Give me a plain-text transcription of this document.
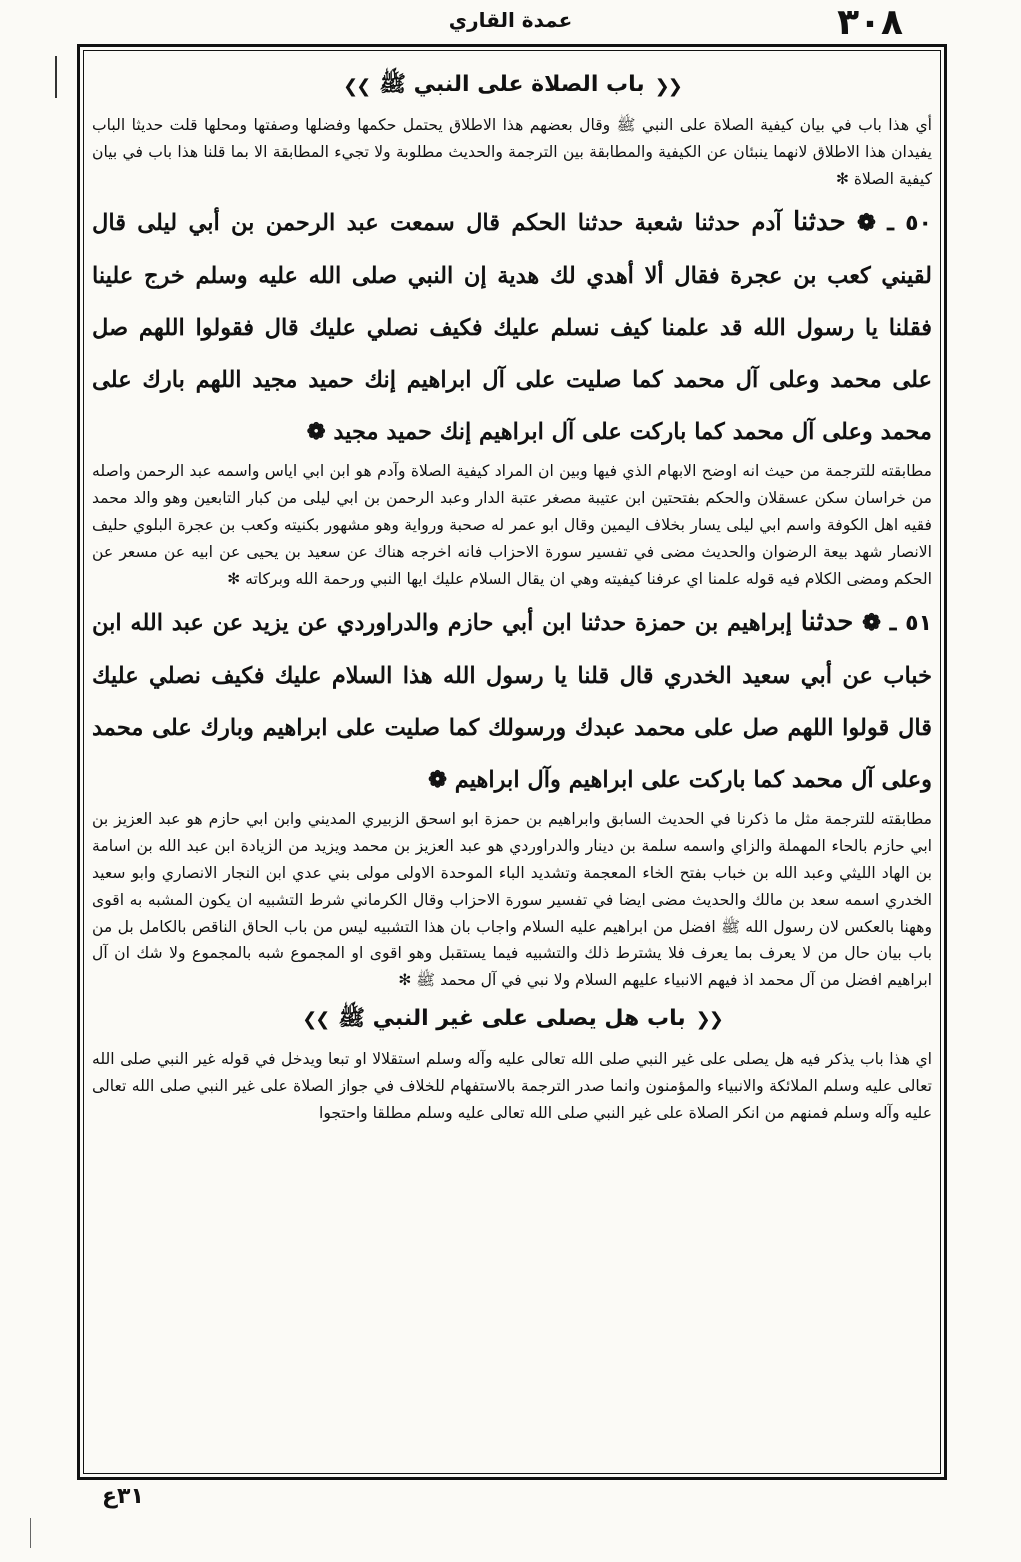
٣٠٨
عمدة القاري
❮❮
باب الصلاة على النبي ﷺ
❯❯

أي هذا باب في بيان كيفية الصلاة على النبي ﷺ وقال بعضهم هذا الاطلاق يحتمل حكمها وفضلها وصفتها ومحلها قلت حديثا الباب يفيدان هذا الاطلاق لانهما ينبئان عن الكيفية والمطابقة بين الترجمة والحديث مطلوبة ولا تجيء المطابقة الا بما قلنا هذا باب في بيان كيفية الصلاة ✻

٥٠ ـ ❁ حدثنا آدم حدثنا شعبة حدثنا الحكم قال سمعت عبد الرحمن بن أبي ليلى قال لقيني كعب بن عجرة فقال ألا أهدي لك هدية إن النبي صلى الله عليه وسلم خرج علينا فقلنا يا رسول الله قد علمنا كيف نسلم عليك فكيف نصلي عليك قال فقولوا اللهم صل على محمد وعلى آل محمد كما صليت على آل ابراهيم إنك حميد مجيد اللهم بارك على محمد وعلى آل محمد كما باركت على آل ابراهيم إنك حميد مجيد ❁

مطابقته للترجمة من حيث انه اوضح الابهام الذي فيها وبين ان المراد كيفية الصلاة وآدم هو ابن ابي اياس واسمه عبد الرحمن واصله من خراسان سكن عسقلان والحكم بفتحتين ابن عتيبة مصغر عتبة الدار وعبد الرحمن بن ابي ليلى من كبار التابعين وهو والد محمد فقيه اهل الكوفة واسم ابي ليلى يسار بخلاف اليمين وقال ابو عمر له صحبة ورواية وهو مشهور بكنيته وكعب بن عجرة البلوي حليف الانصار شهد بيعة الرضوان والحديث مضى في تفسير سورة الاحزاب فانه اخرجه هناك عن سعيد بن يحيى عن ابيه عن مسعر عن الحكم ومضى الكلام فيه قوله علمنا اي عرفنا كيفيته وهي ان يقال السلام عليك ايها النبي ورحمة الله وبركاته ✻

٥١ ـ ❁ حدثنا إبراهيم بن حمزة حدثنا ابن أبي حازم والدراوردي عن يزيد عن عبد الله ابن خباب عن أبي سعيد الخدري قال قلنا يا رسول الله هذا السلام عليك فكيف نصلي عليك قال قولوا اللهم صل على محمد عبدك ورسولك كما صليت على ابراهيم وبارك على محمد وعلى آل محمد كما باركت على ابراهيم وآل ابراهيم ❁

مطابقته للترجمة مثل ما ذكرنا في الحديث السابق وابراهيم بن حمزة ابو اسحق الزبيري المديني وابن ابي حازم هو عبد العزيز بن ابي حازم بالحاء المهملة والزاي واسمه سلمة بن دينار والدراوردي هو عبد العزيز بن محمد ويزيد من الزيادة ابن عبد الله بن اسامة بن الهاد الليثي وعبد الله بن خباب بفتح الخاء المعجمة وتشديد الباء الموحدة الاولى مولى بني عدي ابن النجار الانصاري وابو سعيد الخدري اسمه سعد بن مالك والحديث مضى ايضا في تفسير سورة الاحزاب وقال الكرماني شرط التشبيه ان يكون المشبه به اقوى وههنا بالعكس لان رسول الله ﷺ افضل من ابراهيم عليه السلام واجاب بان هذا التشبيه ليس من باب الحاق الناقص بالكامل بل من باب بيان حال من لا يعرف بما يعرف فلا يشترط ذلك والتشبيه فيما يستقبل وهو اقوى او المجموع شبه بالمجموع ولا شك ان آل ابراهيم افضل من آل محمد اذ فيهم الانبياء عليهم السلام ولا نبي في آل محمد ﷺ ✻

❮❮
باب هل يصلى على غير النبي ﷺ
❯❯

اي هذا باب يذكر فيه هل يصلى على غير النبي صلى الله تعالى عليه وآله وسلم استقلالا او تبعا ويدخل في قوله غير النبي صلى الله تعالى عليه وسلم الملائكة والانبياء والمؤمنون وانما صدر الترجمة بالاستفهام للخلاف في جواز الصلاة على غير النبي صلى الله تعالى عليه وآله وسلم فمنهم من انكر الصلاة على غير النبي صلى الله تعالى عليه وسلم مطلقا واحتجوا

٣١ع
